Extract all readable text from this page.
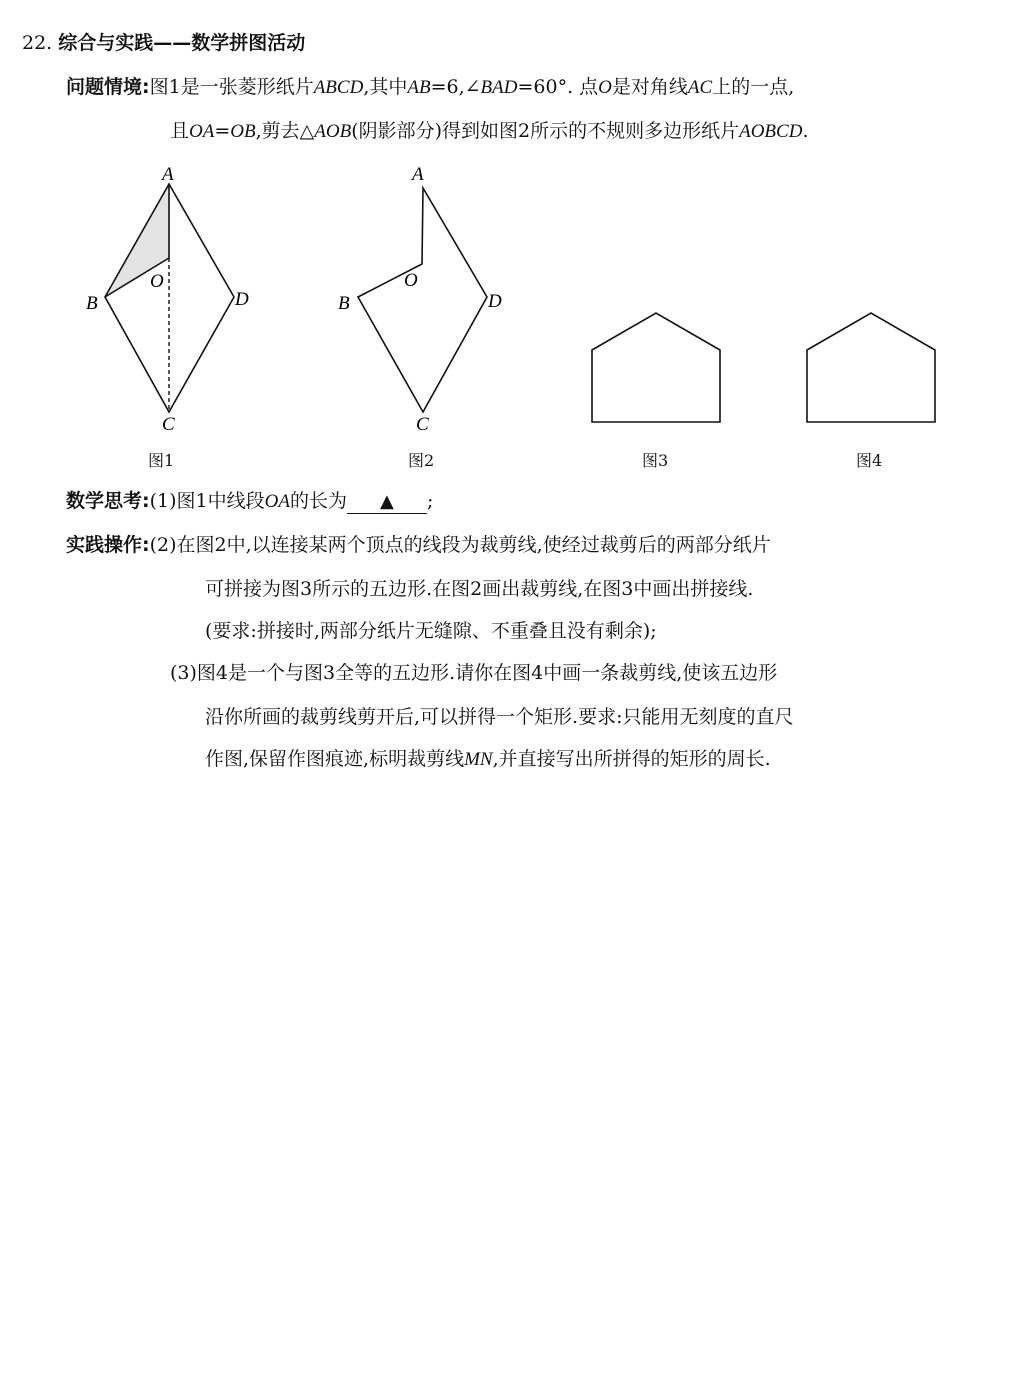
22. 综合与实践——数学拼图活动
问题情境:图1是一张菱形纸片ABCD,其中AB=6,∠BAD=60°. 点O是对角线AC上的一点,
且OA=OB,剪去△AOB(阴影部分)得到如图2所示的不规则多边形纸片AOBCD.
A
B
O
D
C
图1
A
B
O
D
C
图2	图3	图4
数学思考:(1)图1中线段OA的长为 ▲ ;
实践操作:(2)在图2中,以连接某两个顶点的线段为裁剪线,使经过裁剪后的两部分纸片
可拼接为图3所示的五边形.在图2画出裁剪线,在图3中画出拼接线.
(要求:拼接时,两部分纸片无缝隙、不重叠且没有剩余);
(3)图4是一个与图3全等的五边形.请你在图4中画一条裁剪线,使该五边形
沿你所画的裁剪线剪开后,可以拼得一个矩形.要求:只能用无刻度的直尺
作图,保留作图痕迹,标明裁剪线MN,并直接写出所拼得的矩形的周长.
